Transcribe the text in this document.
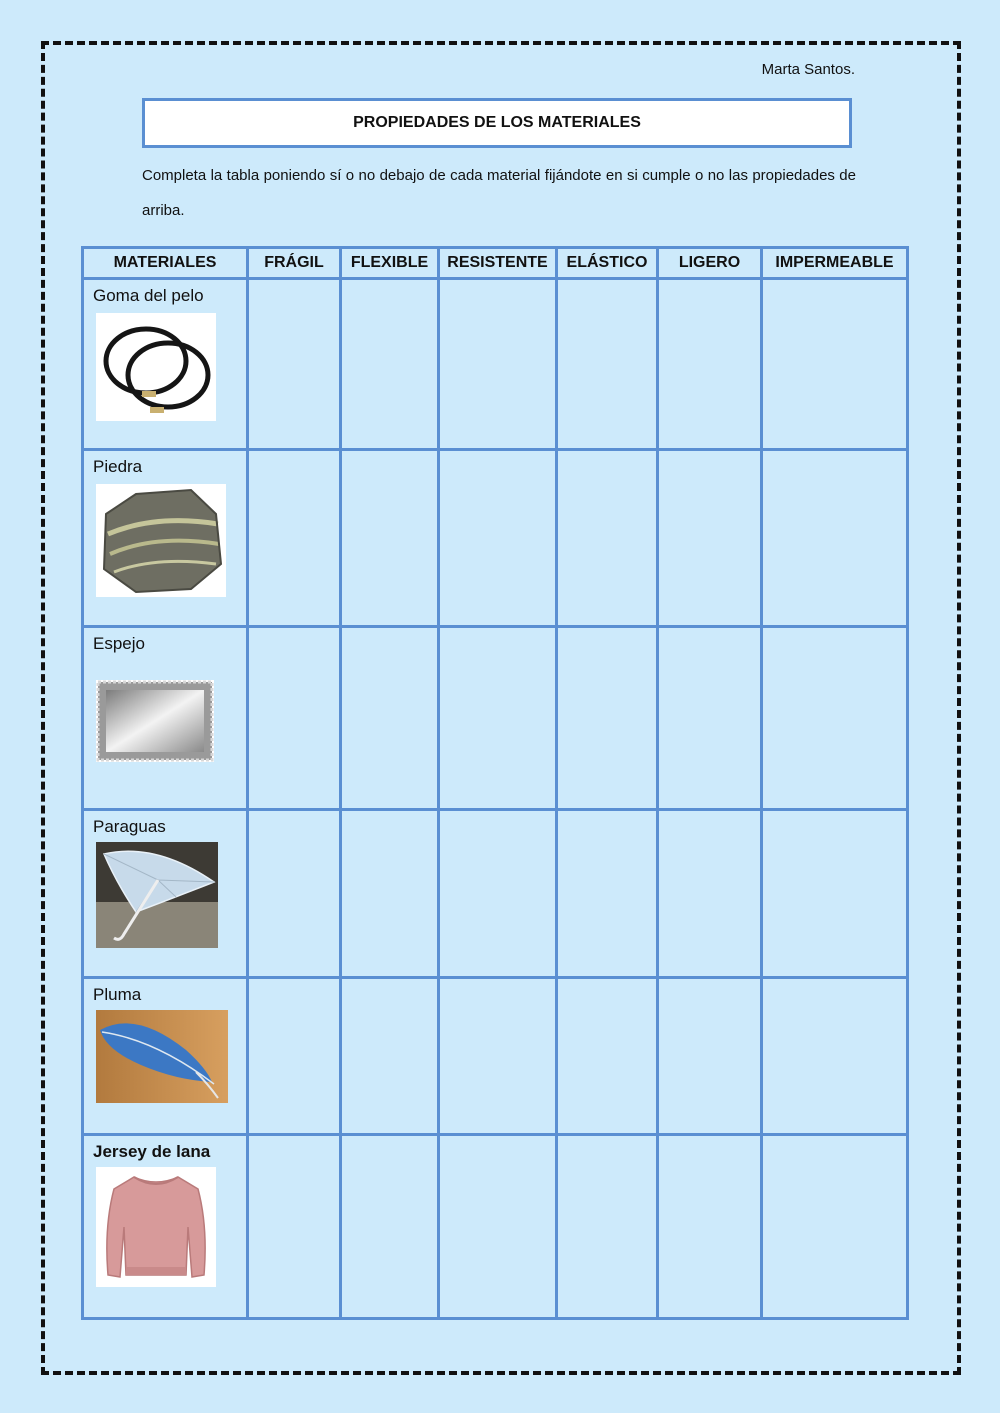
Marta Santos.
PROPIEDADES DE LOS MATERIALES
Completa la tabla poniendo sí o no debajo de cada material fijándote en si cumple o no las propiedades de arriba.
MATERIALES	FRÁGIL	FLEXIBLE	RESISTENTE	ELÁSTICO	LIGERO	IMPERMEABLE

Goma del pelo						

Piedra						

Espejo						

Paraguas						

Pluma						

Jersey de lana						
